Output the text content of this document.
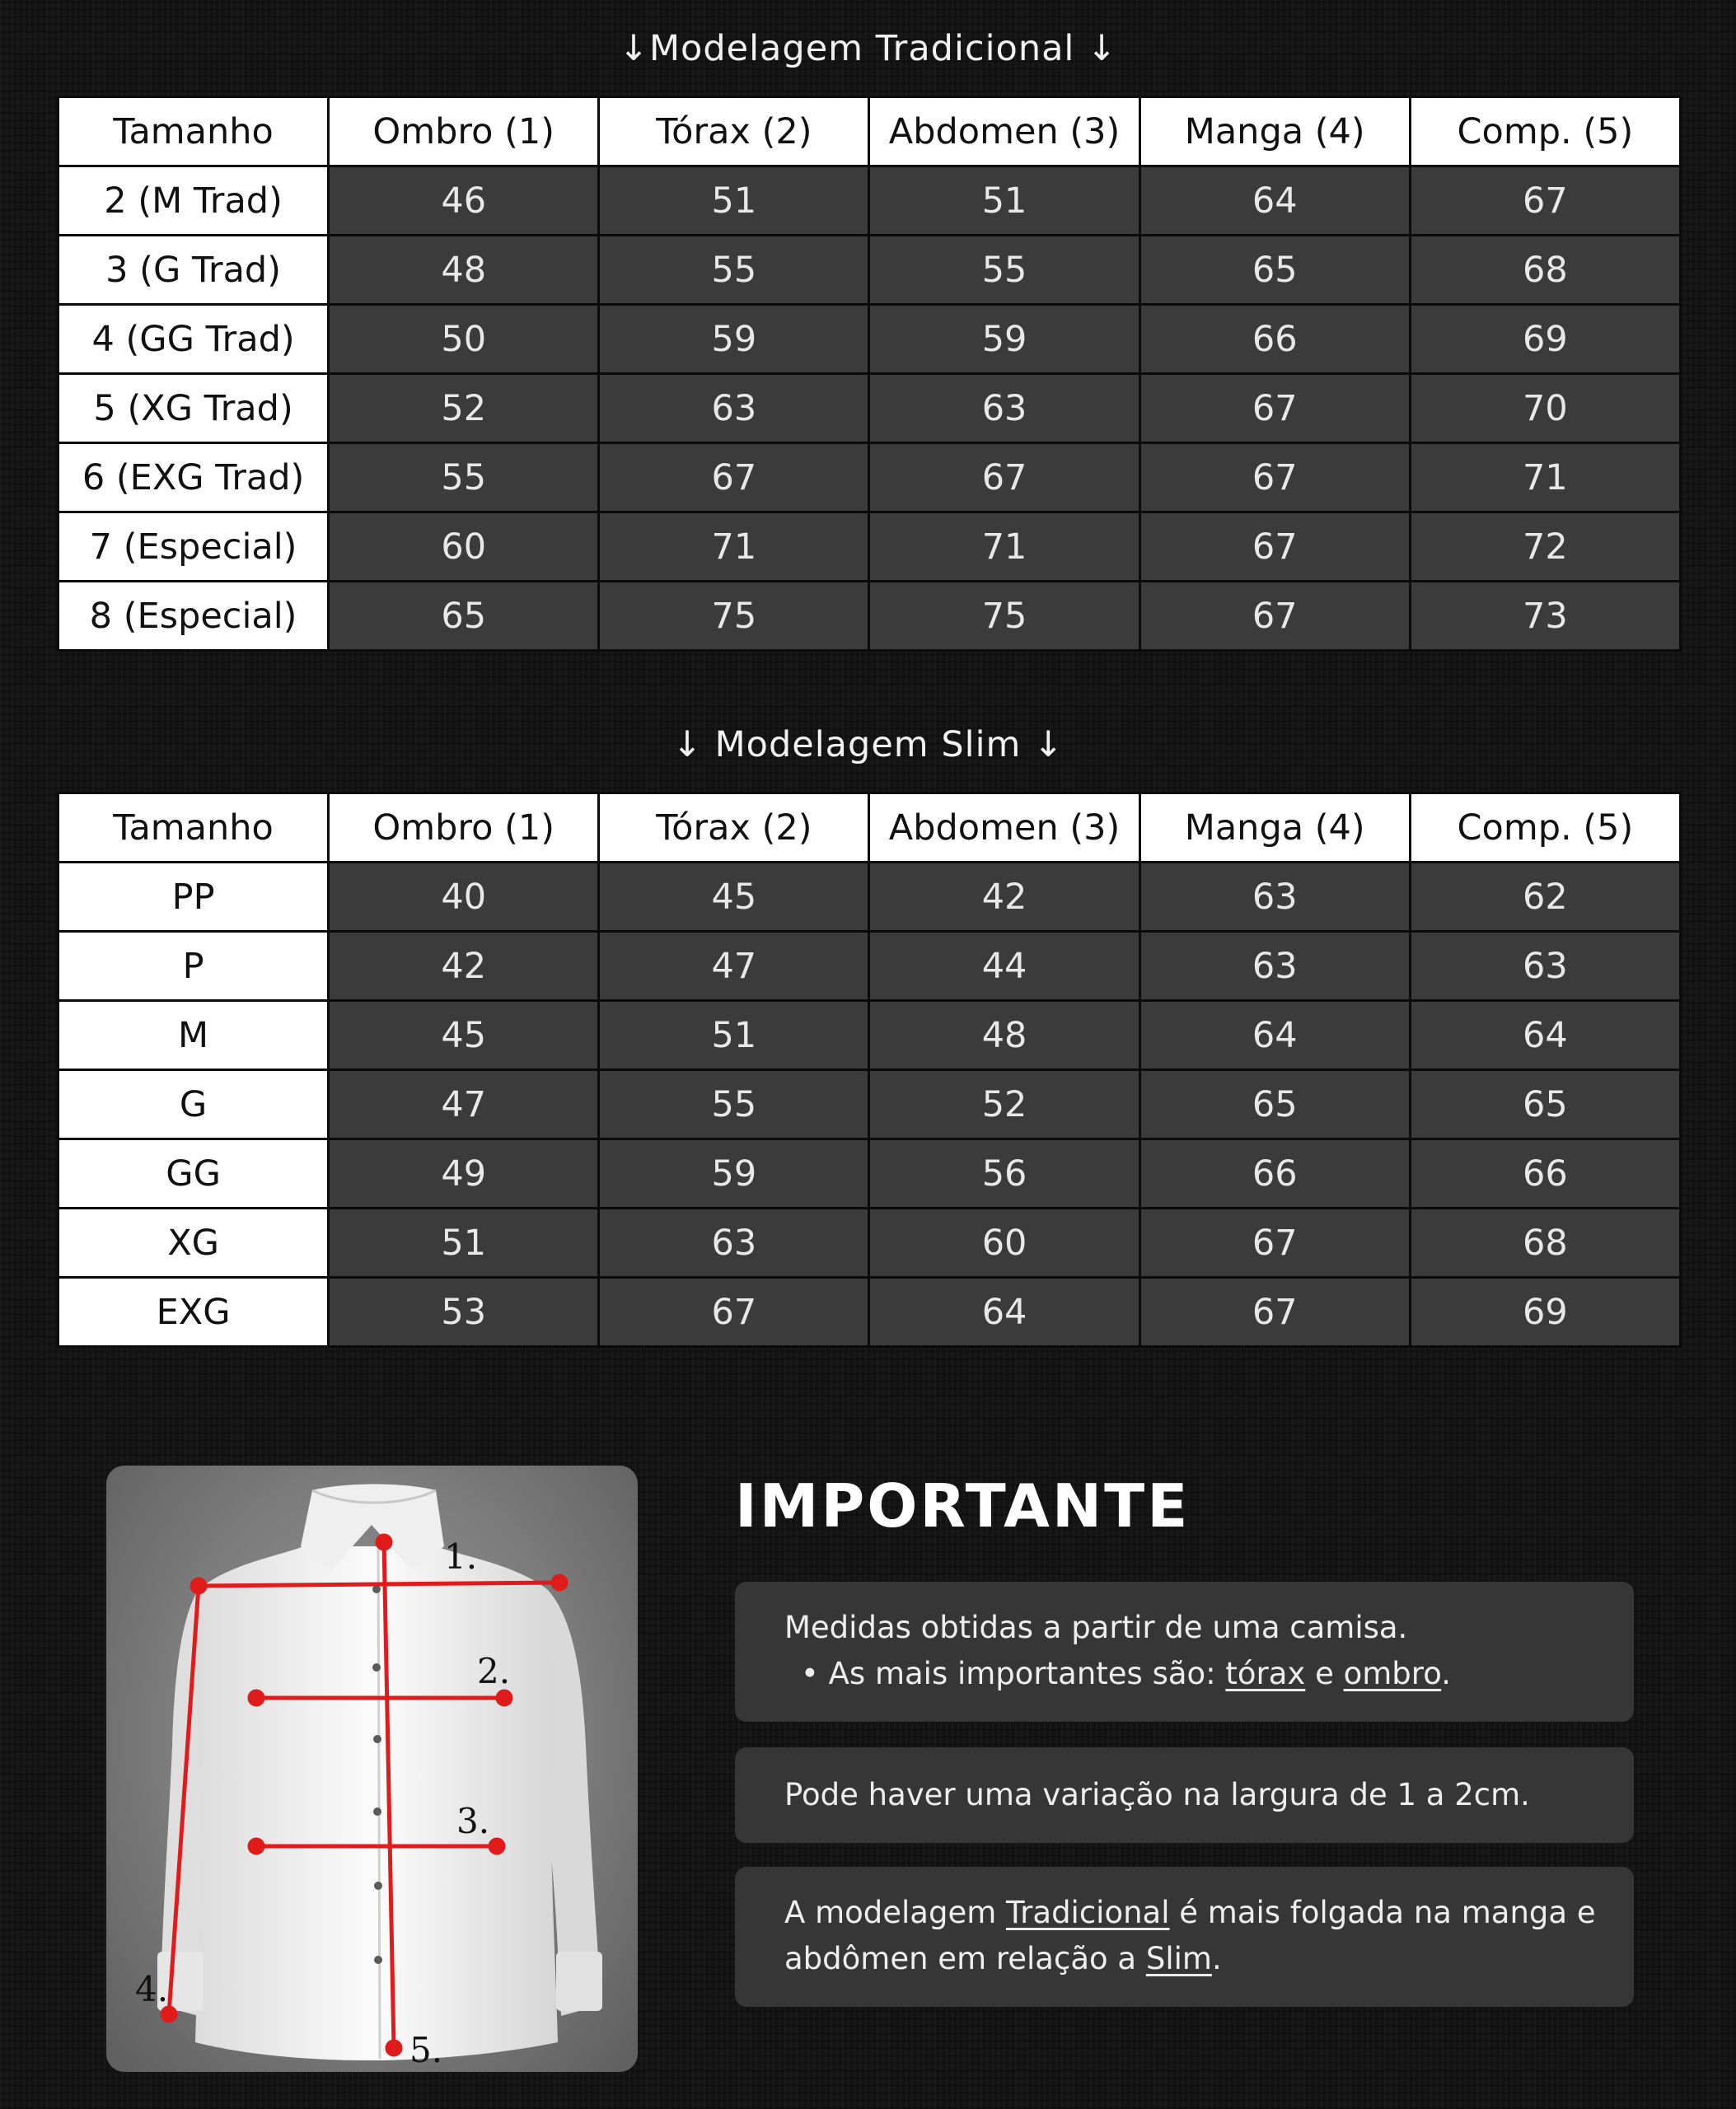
↓Modelagem Tradicional ↓
Tamanho	Ombro (1)	Tórax (2)	Abdomen (3)	Manga (4)	Comp. (5)
2 (M Trad)	46	51	51	64	67
3 (G Trad)	48	55	55	65	68
4 (GG Trad)	50	59	59	66	69
5 (XG Trad)	52	63	63	67	70
6 (EXG Trad)	55	67	67	67	71
7 (Especial)	60	71	71	67	72
8 (Especial)	65	75	75	67	73
↓ Modelagem Slim ↓
Tamanho	Ombro (1)	Tórax (2)	Abdomen (3)	Manga (4)	Comp. (5)
PP	40	45	42	63	62
P	42	47	44	63	63
M	45	51	48	64	64
G	47	55	52	65	65
GG	49	59	56	66	66
XG	51	63	60	67	68
EXG	53	67	64	67	69
1.
2.
3.
4.
5.
IMPORTANTE
Medidas obtidas a partir de uma camisa.
• As mais importantes são: tórax e ombro.
Pode haver uma variação na largura de 1 a 2cm.
A modelagem Tradicional é mais folgada na manga e abdômen em relação a Slim.
